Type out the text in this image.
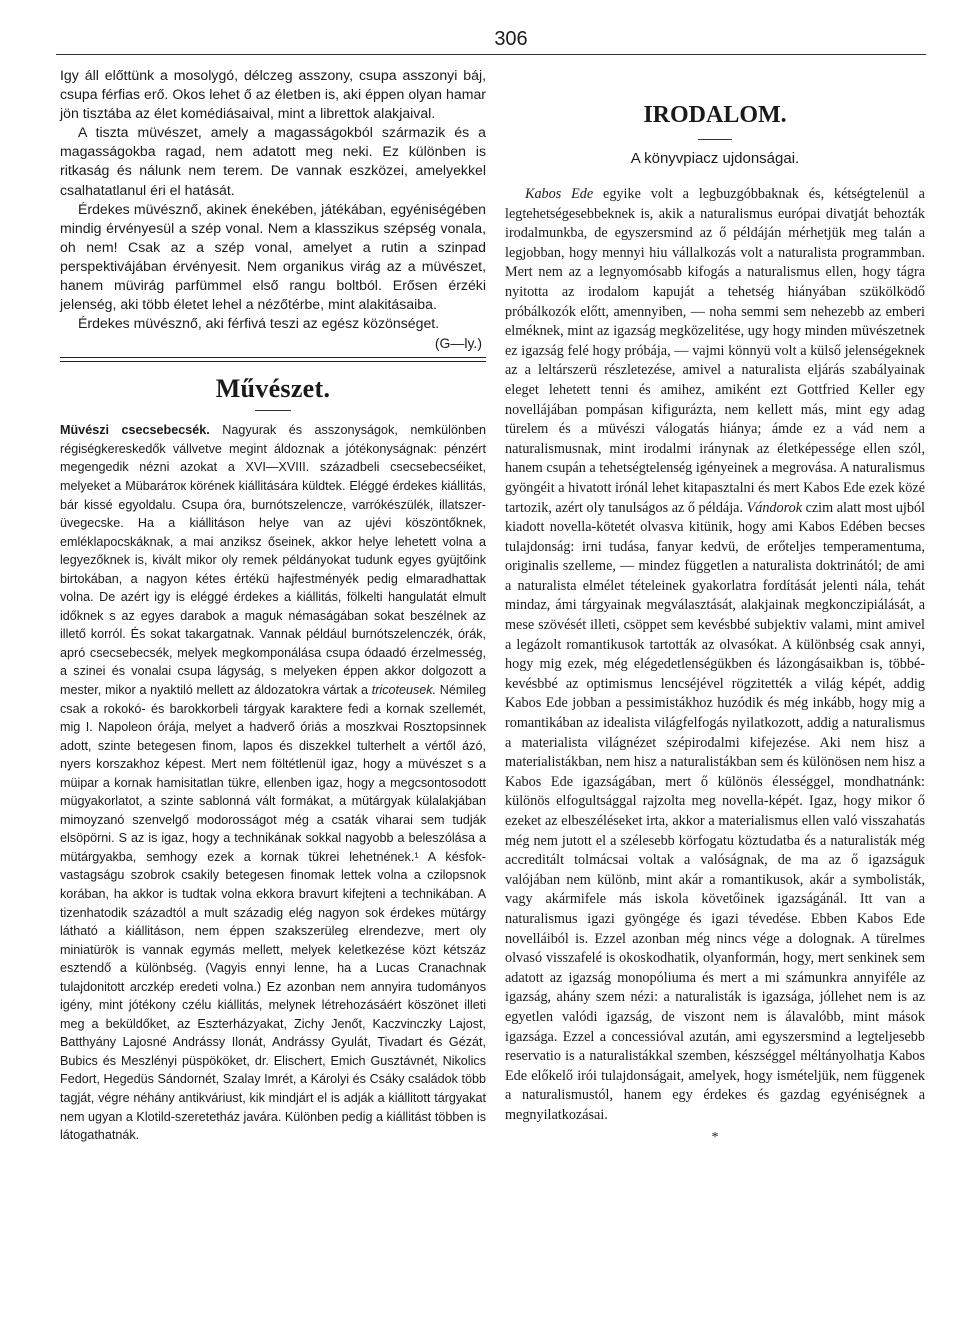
306

Igy áll előttünk a mosolygó, délczeg asszony, csupa asszonyi báj, csupa férfias erő. Okos lehet ő az életben is, aki éppen olyan hamar jön tisztába az élet komédiásaival, mint a librettok alakjaival.

A tiszta müvészet, amely a magasságokból származik és a magasságokba ragad, nem adatott meg neki. Ez különben is ritkaság és nálunk nem terem. De vannak eszközei, amelyekkel csalhatatlanul éri el hatását.

Érdekes müvésznő, akinek énekében, játékában, egyéniségében mindig érvényesül a szép vonal. Nem a klasszikus szépség vonala, oh nem! Csak az a szép vonal, amelyet a rutin a szinpad perspektivájában érvényesit. Nem organikus virág az a müvészet, hanem müvirág parfümmel első rangu boltból. Erősen érzéki jelenség, aki több életet lehel a nézőtérbe, mint alakitásaiba.

Érdekes müvésznő, aki férfivá teszi az egész közönséget.

(G—ly.)
Művészet.

Müvészi csecsebecsék. Nagyurak és asszonyságok, nemkülönben régiségkereskedők vállvetve megint áldoznak a jótékonyságnak: pénzért megengedik nézni azokat a XVI—XVIII. századbeli csecsebecséiket, melyeket a Mübaráток körének kiállitására küldtek. Eléggé érdekes kiállitás, bár kissé egyoldalu. Csupa óra, burnótszelencze, varrókészülék, illatszer-üvegecske. Ha a kiállitáson helye van az ujévi köszöntőknek, emléklapocskáknak, a mai anziksz őseinek, akkor helye lehetett volna a legyezőknek is, kivált mikor oly remek példányokat tudunk egyes gyüjtőink birtokában, a nagyon kétes értékü hajfestményék pedig elmaradhattak volna. De azért igy is eléggé érdekes a kiállitás, fölkelti hangulatát elmult időknek s az egyes darabok a maguk némaságában sokat beszélnek az illető korról. És sokat takargatnak. Vannak például burnótszelenczék, órák, apró csecsebecsék, melyek megkomponálása csupa ódaadó érzelmesség, a szinei és vonalai csupa lágyság, s melyeken éppen akkor dolgozott a mester, mikor a nyaktiló mellett az áldozatokra vártak a tricoteusek. Némileg csak a rokokó- és barokkorbeli tárgyak karaktere fedi a kornak szellemét, mig I. Napoleon órája, melyet a hadverő óriás a moszkvai Rosztopsinnek adott, szinte betegesen finom, lapos és diszekkel tulterhelt a vértől ázó, nyers korszakhoz képest. Mert nem föltétlenül igaz, hogy a müvészet s a müipar a kornak hamisitatlan tükre, ellenben igaz, hogy a megcsontosodott mügyakorlatot, a szinte sablonná vált formákat, a mütárgyak külalakjában mimoyzanó szenvelgő modorosságot még a csaták viharai sem tudják elsöpörni. S az is igaz, hogy a technikának sokkal nagyobb a beleszólása a mütárgyakba, semhogy ezek a kornak tükrei lehetnének.¹ A késfok-vastagságu szobrok csakily betegesen finomak lettek volna a czilopsnok korában, ha akkor is tudtak volna ekkora bravurt kifejteni a technikában. A tizenhatodik századtól a mult századig elég nagyon sok érdekes mütárgy látható a kiállitáson, nem éppen szakszerüleg elrendezve, mert oly miniatürök is vannak egymás mellett, melyek keletkezése közt kétszáz esztendő a különbség. (Vagyis ennyi lenne, ha a Lucas Cranachnak tulajdonitott arczkép eredeti volna.) Ez azonban nem annyira tudományos igény, mint jótékony czélu kiállitás, melynek létrehozásáért köszönet illeti meg a beküldőket, az Eszterházyakat, Zichy Jenőt, Kaczvinczky Lajost, Batthyány Lajosné Andrássy Ilonát, Andrássy Gyulát, Tivadart és Gézát, Bubics és Meszlényi püspököket, dr. Elischert, Emich Gusztávnét, Nikolics Fedort, Hegedüs Sándornét, Szalay Imrét, a Károlyi és Csáky családok több tagját, végre néhány antikváriust, kik mindjárt el is adják a kiállitott tárgyakat nem ugyan a Klotild-szeretetház javára. Különben pedig a kiállitást többen is látogathatnák.

IRODALOM.
A könyvpiacz ujdonságai.

Kabos Ede egyike volt a legbuzgóbbaknak és, kétségtelenül a legtehetségesebbeknek is, akik a naturalismus európai divatját behozták irodalmunkba, de egyszersmind az ő példáján mérhetjük meg talán a legjobban, hogy mennyi hiu vállalkozás volt a naturalista programmban. Mert nem az a legnyomósabb kifogás a naturalismus ellen, hogy tágra nyitotta az irodalom kapuját a tehetség hiányában szükölködő próbálkozók előtt, amennyiben, — noha semmi sem nehezebb az emberi elméknek, mint az igazság megközelitése, ugy hogy minden müvészetnek ez igazság felé hogy próbája, — vajmi könnyü volt a külső jelenségeknek az a leltárszerü részletezése, amivel a naturalista eljárás szabályainak eleget lehetett tenni és amihez, amiként ezt Gottfried Keller egy novellájában pompásan kifigurázta, nem kellett más, mint egy adag türelem és a müvészi válogatás hiánya; ámde ez a vád nem a naturalismusnak, mint irodalmi iránynak az életképessége ellen szól, hanem csupán a tehetségtelenség igényeinek a megrovása. A naturalismus gyöngéit a hivatott irónál lehet kitapasztalni és mert Kabos Ede ezek közé tartozik, azért oly tanulságos az ő példája. Vándorok czim alatt most ujból kiadott novella-kötetét olvasva kitünik, hogy ami Kabos Edében becses tulajdonság: irni tudása, fanyar kedvü, de erőteljes temperamentuma, originalis szelleme, — mindez független a naturalista doktrinától; de ami a naturalista elmélet tételeinek gyakorlatra fordítását jelenti nála, tehát mindaz, ámi tárgyainak megválasztását, alakjainak megkonczipiálását, a mese szövését illeti, csöppet sem kevésbbé subjektiv valami, mint amivel a legázolt romantikusok tartották az olvasókat. A különbség csak annyi, hogy mig ezek, még elégedetlenségükben és lázongásaikban is, többé-kevésbbé az optimismus lencséjével rögzitették a világ képét, addig Kabos Ede jobban a pessimistákhoz huzódik és még inkább, hogy mig a romantikában az idealista világfelfogás nyilatkozott, addig a naturalismus a materialista világnézet szépirodalmi kifejezése. Aki nem hisz a materialistákban, nem hisz a naturalistákban sem és különösen nem hisz a Kabos Ede igazságában, mert ő különös élességgel, mondhatnánk: különös elfogultsággal rajzolta meg novella-képét. Igaz, hogy mikor ő ezeket az elbeszéléseket irta, akkor a materialismus ellen való visszahatás még nem jutott el a szélesebb körfogatu köztudatba és a naturalisták még accreditált tolmácsai voltak a valóságnak, de ma az ő igazságuk valójában nem különb, mint akár a romantikusok, akár a symbolisták, vagy akármifele más iskola követőinek igazságánál. Itt van a naturalismus igazi gyöngége és igazi tévedése. Ebben Kabos Ede novelláiból is. Ezzel azonban még nincs vége a dolognak. A türelmes olvasó visszafelé is okoskodhatik, olyanformán, hogy, mert senkinek sem adatott az igazság monopóliuma és mert a mi számunkra annyiféle az igazság, ahány szem nézi: a naturalisták is igazsága, jóllehet nem is az egyetlen valódi igazság, de viszont nem is álavalóbb, mint mások igazsága. Ezzel a concessióval azután, ami egyszersmind a legteljesebb reservatio is a naturalistákkal szemben, készséggel méltányolhatja Kabos Ede előkelő irói tulajdonságait, amelyek, hogy ismételjük, nem függenek a naturalismustól, hanem egy érdekes és gazdag egyéniségnek a megnyilatkozásai.

*
